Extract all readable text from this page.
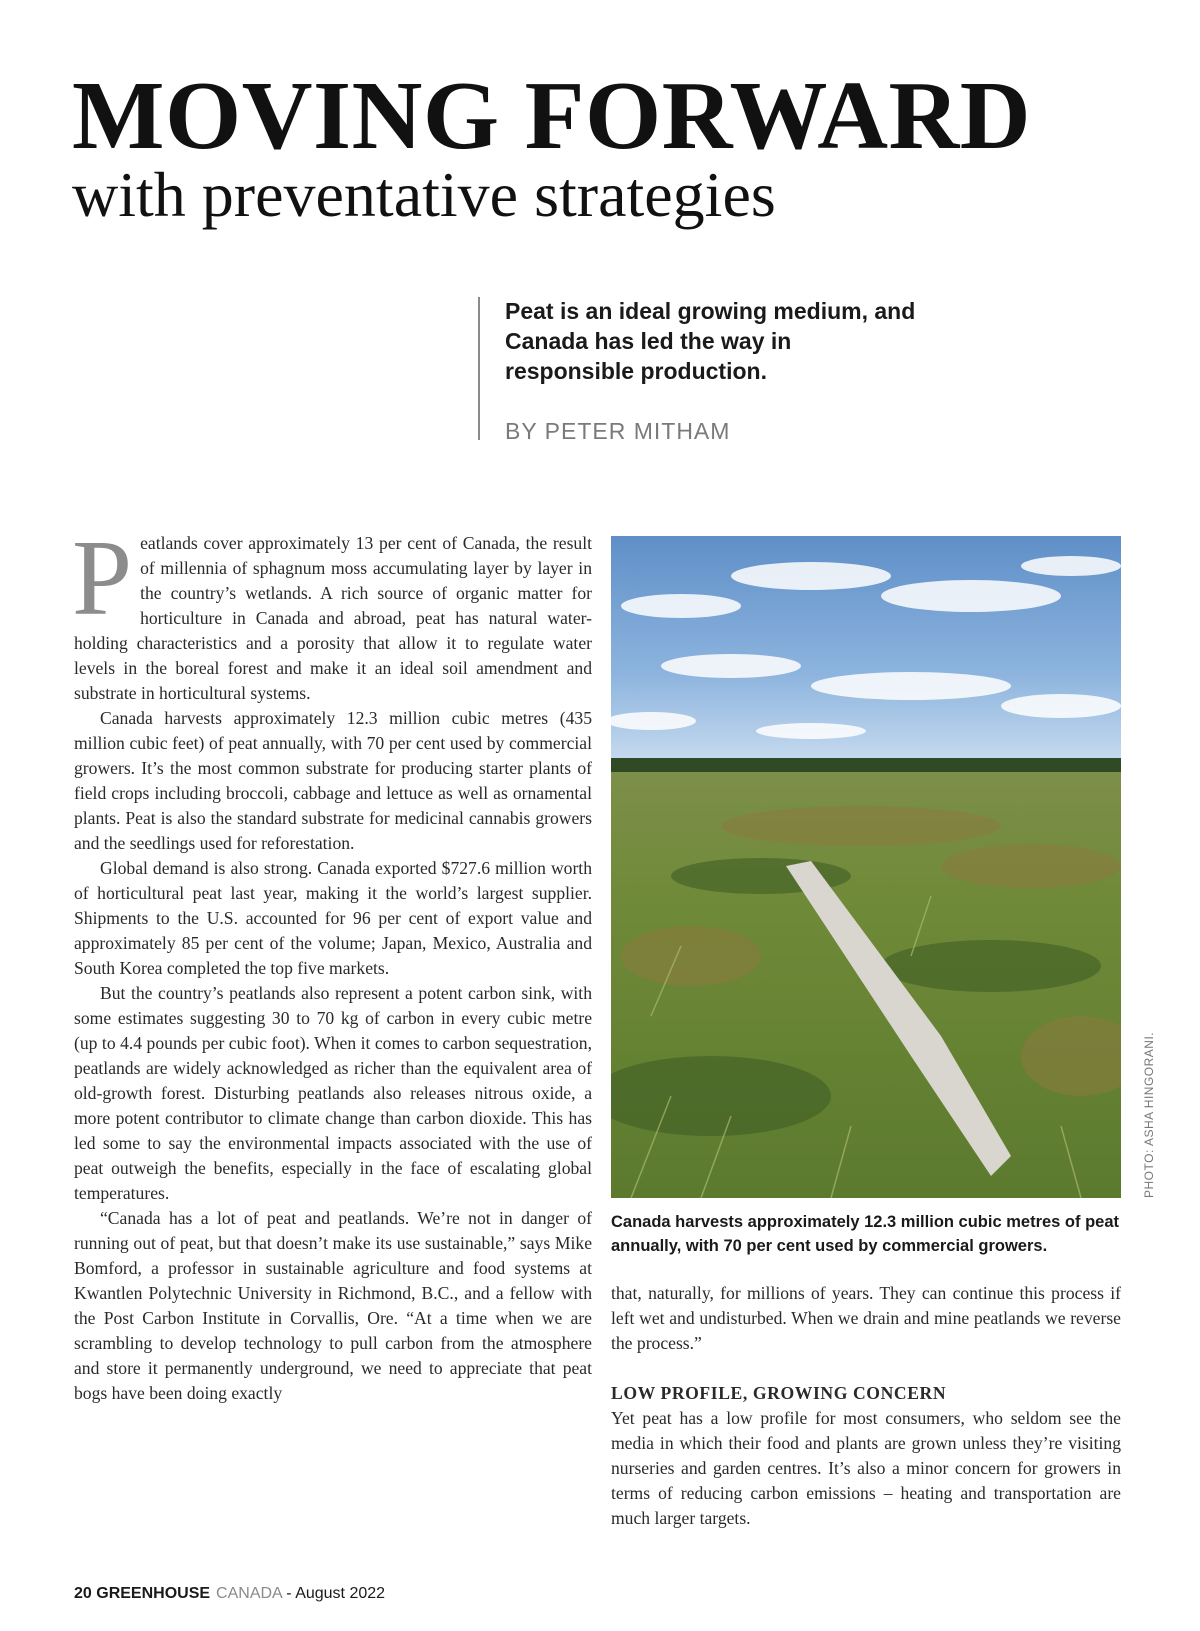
MOVING FORWARD
with preventative strategies

Peat is an ideal growing medium, and Canada has led the way in responsible production.

BY PETER MITHAM

Peatlands cover approximately 13 per cent of Canada, the result of millennia of sphagnum moss accumulating layer by layer in the country’s wetlands. A rich source of organic matter for horticulture in Canada and abroad, peat has natural water-holding characteristics and a porosity that allow it to regulate water levels in the boreal forest and make it an ideal soil amendment and substrate in horticultural systems.

Canada harvests approximately 12.3 million cubic metres (435 million cubic feet) of peat annually, with 70 per cent used by commercial growers. It’s the most common substrate for producing starter plants of field crops including broccoli, cabbage and lettuce as well as ornamental plants. Peat is also the standard substrate for medicinal cannabis growers and the seedlings used for reforestation.

Global demand is also strong. Canada exported $727.6 million worth of horticultural peat last year, making it the world’s largest supplier. Shipments to the U.S. accounted for 96 per cent of export value and approximately 85 per cent of the volume; Japan, Mexico, Australia and South Korea completed the top five markets.

But the country’s peatlands also represent a potent carbon sink, with some estimates suggesting 30 to 70 kg of carbon in every cubic metre (up to 4.4 pounds per cubic foot). When it comes to carbon sequestration, peatlands are widely acknowledged as richer than the equivalent area of old-growth forest. Disturbing peatlands also releases nitrous oxide, a more potent contributor to climate change than carbon dioxide. This has led some to say the environmental impacts associated with the use of peat outweigh the benefits, especially in the face of escalating global temperatures.

“Canada has a lot of peat and peatlands. We’re not in danger of running out of peat, but that doesn’t make its use sustainable,” says Mike Bomford, a professor in sustainable agriculture and food systems at Kwantlen Polytechnic University in Richmond, B.C., and a fellow with the Post Carbon Institute in Corvallis, Ore. “At a time when we are scrambling to develop technology to pull carbon from the atmosphere and store it permanently underground, we need to appreciate that peat bogs have been doing exactly

PHOTO: ASHA HINGORANI.

Canada harvests approximately 12.3 million cubic metres of peat annually, with 70 per cent used by commercial growers.

that, naturally, for millions of years. They can continue this process if left wet and undisturbed. When we drain and mine peatlands we reverse the process.”

LOW PROFILE, GROWING CONCERN

Yet peat has a low profile for most consumers, who seldom see the media in which their food and plants are grown unless they’re visiting nurseries and garden centres. It’s also a minor concern for growers in terms of reducing carbon emissions – heating and transportation are much larger targets.

20 GREENHOUSE CANADA - August 2022
